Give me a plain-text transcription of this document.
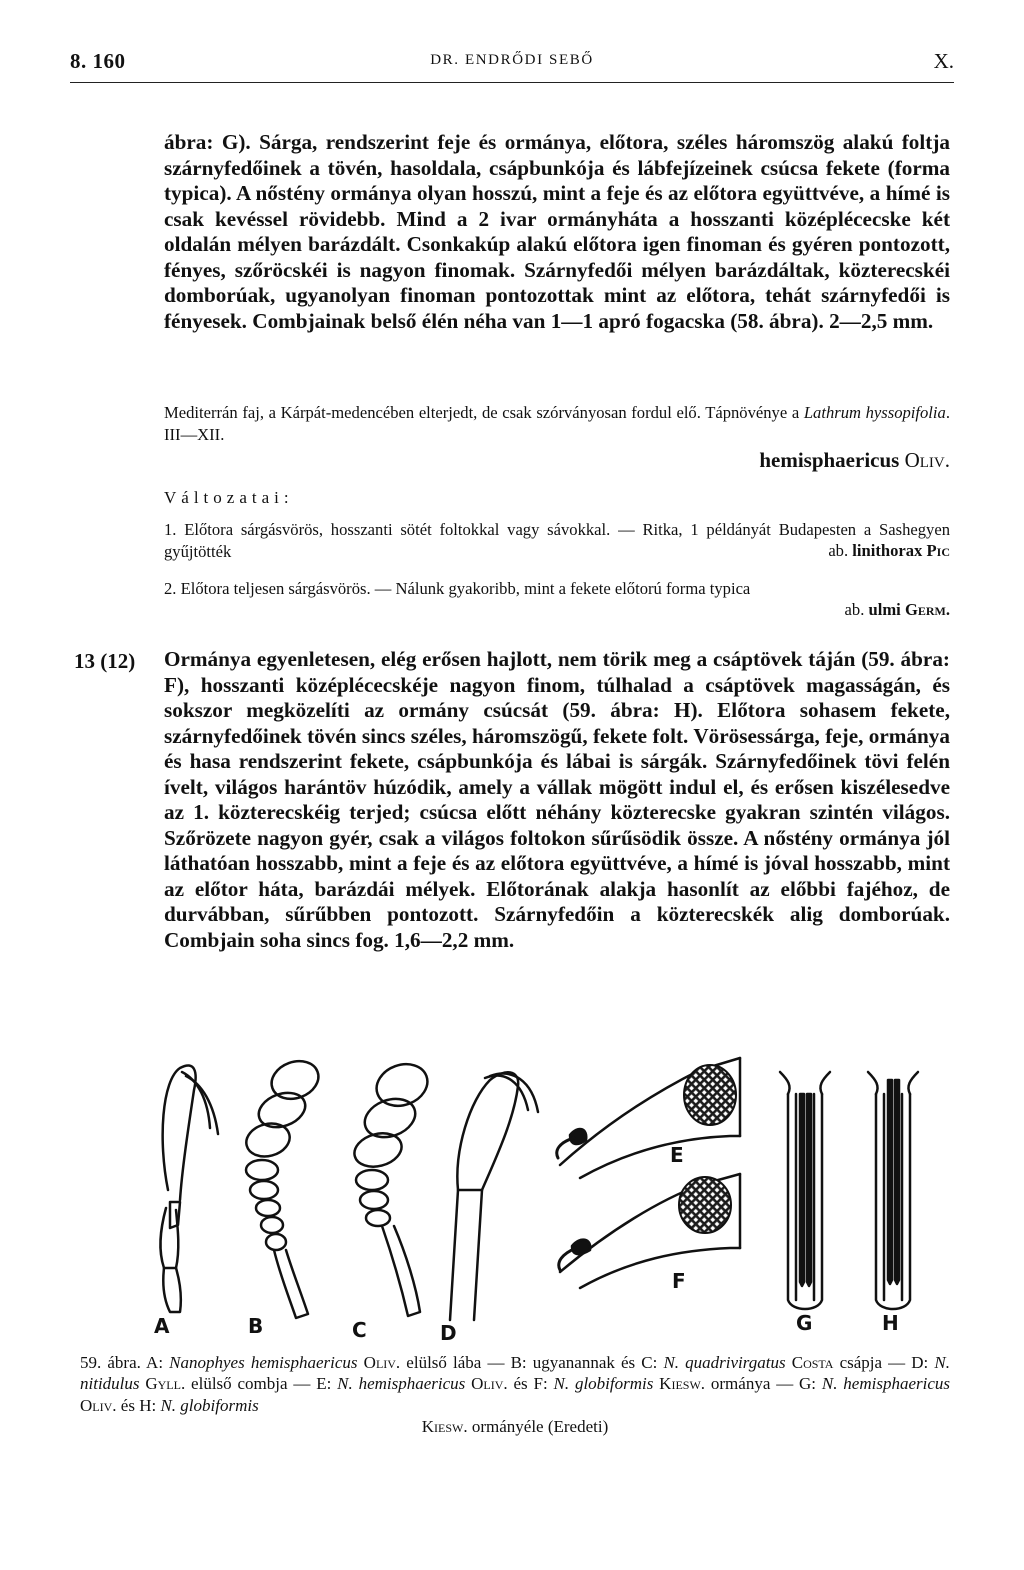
8. 160	DR. ENDRŐDI SEBŐ	X.

ábra: G). Sárga, rendszerint feje és ormánya, előtora, széles háromszög alakú foltja szárnyfedőinek a tövén, hasoldala, csápbunkója és lábfejízeinek csúcsa fekete (forma typica). A nőstény ormánya olyan hosszú, mint a feje és az előtora együttvéve, a hímé is csak kevéssel rövidebb. Mind a 2 ivar ormányháta a hosszanti középlécecske két oldalán mélyen barázdált. Csonkakúp alakú előtora igen finoman és gyéren pontozott, fényes, szőröcskéi is nagyon finomak. Szárnyfedői mélyen barázdáltak, közterecskéi domborúak, ugyanolyan finoman pontozottak mint az előtora, tehát szárnyfedői is fényesek. Combjainak belső élén néha van 1—1 apró fogacska (58. ábra). 2—2,5 mm.

Mediterrán faj, a Kárpát-medencében elterjedt, de csak szórványosan fordul elő. Tápnövénye a Lathrum hyssopifolia. III—XII.

hemisphaericus Oliv.
Változatai:

1. Előtora sárgásvörös, hosszanti sötét foltokkal vagy sávokkal. — Ritka, 1 példányát Budapesten a Sashegyen gyűjtötték	ab. linithorax Pic

2. Előtora teljesen sárgásvörös. — Nálunk gyakoribb, mint a fekete előtorú forma typica

ab. ulmi Germ.
13 (12) Ormánya egyenletesen, elég erősen hajlott, nem törik meg a csáptövek táján (59. ábra: F), hosszanti középlécecskéje nagyon finom, túlhalad a csáptövek magasságán, és sokszor megközelíti az ormány csúcsát (59. ábra: H). Előtora sohasem fekete, szárnyfedőinek tövén sincs széles, háromszögű, fekete folt. Vörösessárga, feje, ormánya és hasa rendszerint fekete, csápbunkója és lábai is sárgák. Szárnyfedőinek tövi felén ívelt, világos harántöv húzódik, amely a vállak mögött indul el, és erősen kiszélesedve az 1. közterecskéig terjed; csúcsa előtt néhány közterecske gyakran szintén világos. Szőrözete nagyon gyér, csak a világos foltokon sűrűsödik össze. A nőstény ormánya jól láthatóan hosszabb, mint a feje és az előtora együttvéve, a hímé is jóval hosszabb, mint az előtor háta, barázdái mélyek. Előtorának alakja hasonlít az előbbi fajéhoz, de durvábban, sűrűbben pontozott. Szárnyfedőin a közterecskék alig domborúak. Combjain soha sincs fog. 1,6—2,2 mm.

A	B	C	D
E
F
G	H

59. ábra. A: Nanophyes hemisphaericus Oliv. elülső lába — B: ugyanannak és C: N. quadrivirgatus Costa csápja — D: N. nitidulus Gyll. elülső combja — E: N. hemisphaericus Oliv. és F: N. globiformis Kiesw. ormánya — G: N. hemisphaericus Oliv. és H: N. globiformis
Kiesw. ormányéle (Eredeti)
